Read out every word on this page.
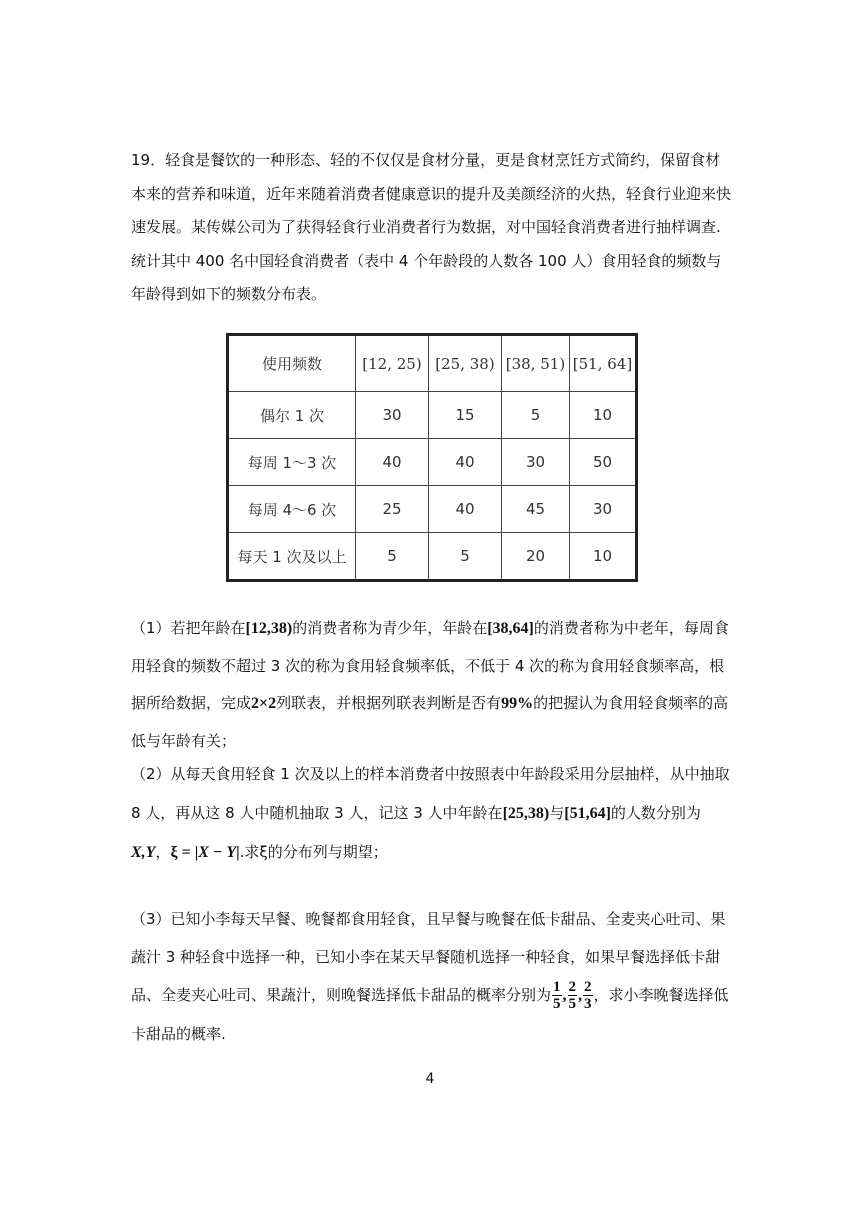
19．轻食是餐饮的一种形态、轻的不仅仅是食材分量，更是食材烹饪方式简约，保留食材本来的营养和味道，近年来随着消费者健康意识的提升及美颜经济的火热，轻食行业迎来快速发展。某传媒公司为了获得轻食行业消费者行为数据，对中国轻食消费者进行抽样调查.统计其中 400 名中国轻食消费者（表中 4 个年龄段的人数各 100 人）食用轻食的频数与年龄得到如下的频数分布表。

使用频数	[12, 25)	[25, 38)	[38, 51)	[51, 64]
偶尔 1 次	30	15	5	10
每周 1～3 次	40	40	30	50
每周 4～6 次	25	40	45	30
每天 1 次及以上	5	5	20	10

（1）若把年龄在[12,38)的消费者称为青少年，年龄在[38,64]的消费者称为中老年，每周食用轻食的频数不超过 3 次的称为食用轻食频率低，不低于 4 次的称为食用轻食频率高，根据所给数据，完成2×2列联表，并根据列联表判断是否有99%的把握认为食用轻食频率的高低与年龄有关；

（2）从每天食用轻食 1 次及以上的样本消费者中按照表中年龄段采用分层抽样，从中抽取 8 人，再从这 8 人中随机抽取 3 人，记这 3 人中年龄在[25,38)与[51,64]的人数分别为X,Y，ξ = |X − Y|.求ξ的分布列与期望；

（3）已知小李每天早餐、晚餐都食用轻食，且早餐与晚餐在低卡甜品、全麦夹心吐司、果蔬汁 3 种轻食中选择一种，已知小李在某天早餐随机选择一种轻食，如果早餐选择低卡甜品、全麦夹心吐司、果蔬汁，则晚餐选择低卡甜品的概率分别为 $\frac{1}{5}$ , $\frac{2}{5}$ , $\frac{2}{3}$ ，求小李晚餐选择低卡甜品的概率.

4
